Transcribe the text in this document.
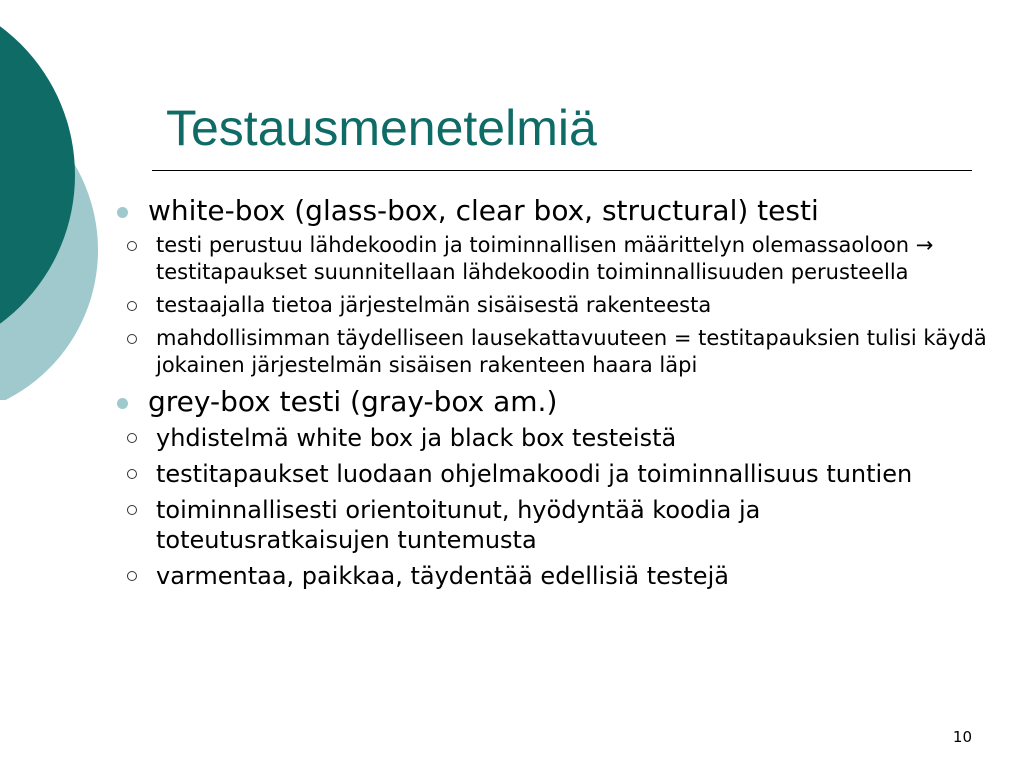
Testausmenetelmiä
white-box (glass-box, clear box, structural) testi
testi perustuu lähdekoodin ja toiminnallisen määrittelyn olemassaoloon → testitapaukset suunnitellaan lähdekoodin toiminnallisuuden perusteella
testaajalla tietoa järjestelmän sisäisestä rakenteesta
mahdollisimman täydelliseen lausekattavuuteen = testitapauksien tulisi käydä jokainen järjestelmän sisäisen rakenteen haara läpi
grey-box testi (gray-box am.)
yhdistelmä white box ja black box testeistä
testitapaukset luodaan ohjelmakoodi ja toiminnallisuus tuntien
toiminnallisesti orientoitunut, hyödyntää koodia ja toteutusratkaisujen tuntemusta
varmentaa, paikkaa, täydentää edellisiä testejä
10
